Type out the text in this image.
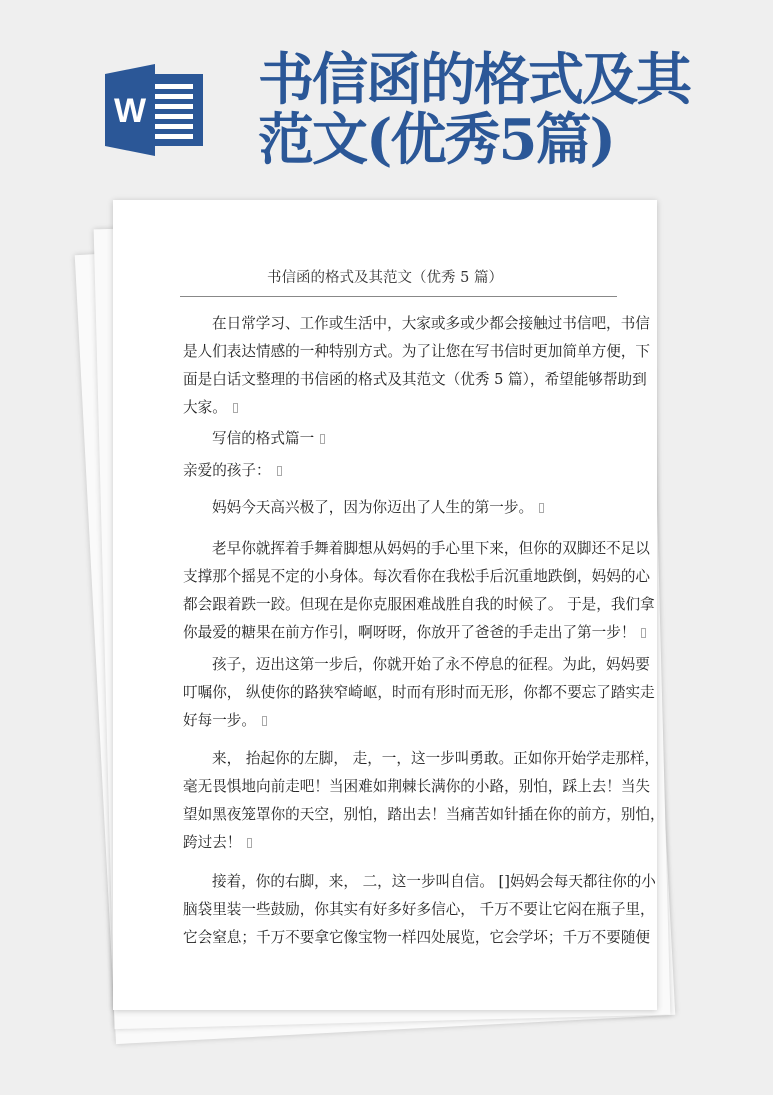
W 书信函的格式及其
范文(优秀5篇)
书信函的格式及其范文（优秀 5 篇）
在日常学习、工作或生活中，大家或多或少都会接触过书信吧，书信
是人们表达情感的一种特别方式。为了让您在写书信时更加简单方便，下
面是白话文整理的书信函的格式及其范文（优秀 5 篇），希望能够帮助到
大家。
写信的格式篇一
亲爱的孩子：
妈妈今天高兴极了，因为你迈出了人生的第一步。
老早你就挥着手舞着脚想从妈妈的手心里下来，但你的双脚还不足以
支撑那个摇晃不定的小身体。每次看你在我松手后沉重地跌倒，妈妈的心
都会跟着跌一跤。但现在是你克服困难战胜自我的时候了。 于是，我们拿
你最爱的糖果在前方作引，啊呀呀，你放开了爸爸的手走出了第一步！
孩子，迈出这第一步后，你就开始了永不停息的征程。为此，妈妈要
叮嘱你， 纵使你的路狭窄崎岖，时而有形时而无形，你都不要忘了踏实走
好每一步。
来， 抬起你的左脚， 走，一，这一步叫勇敢。正如你开始学走那样，
毫无畏惧地向前走吧！当困难如荆棘长满你的小路，别怕，踩上去！当失
望如黑夜笼罩你的天空，别怕，踏出去！当痛苦如针插在你的前方，别怕，
跨过去！
接着，你的右脚，来， 二，这一步叫自信。 []妈妈会每天都往你的小
脑袋里装一些鼓励，你其实有好多好多信心， 千万不要让它闷在瓶子里，
它会窒息；千万不要拿它像宝物一样四处展览，它会学坏；千万不要随便
